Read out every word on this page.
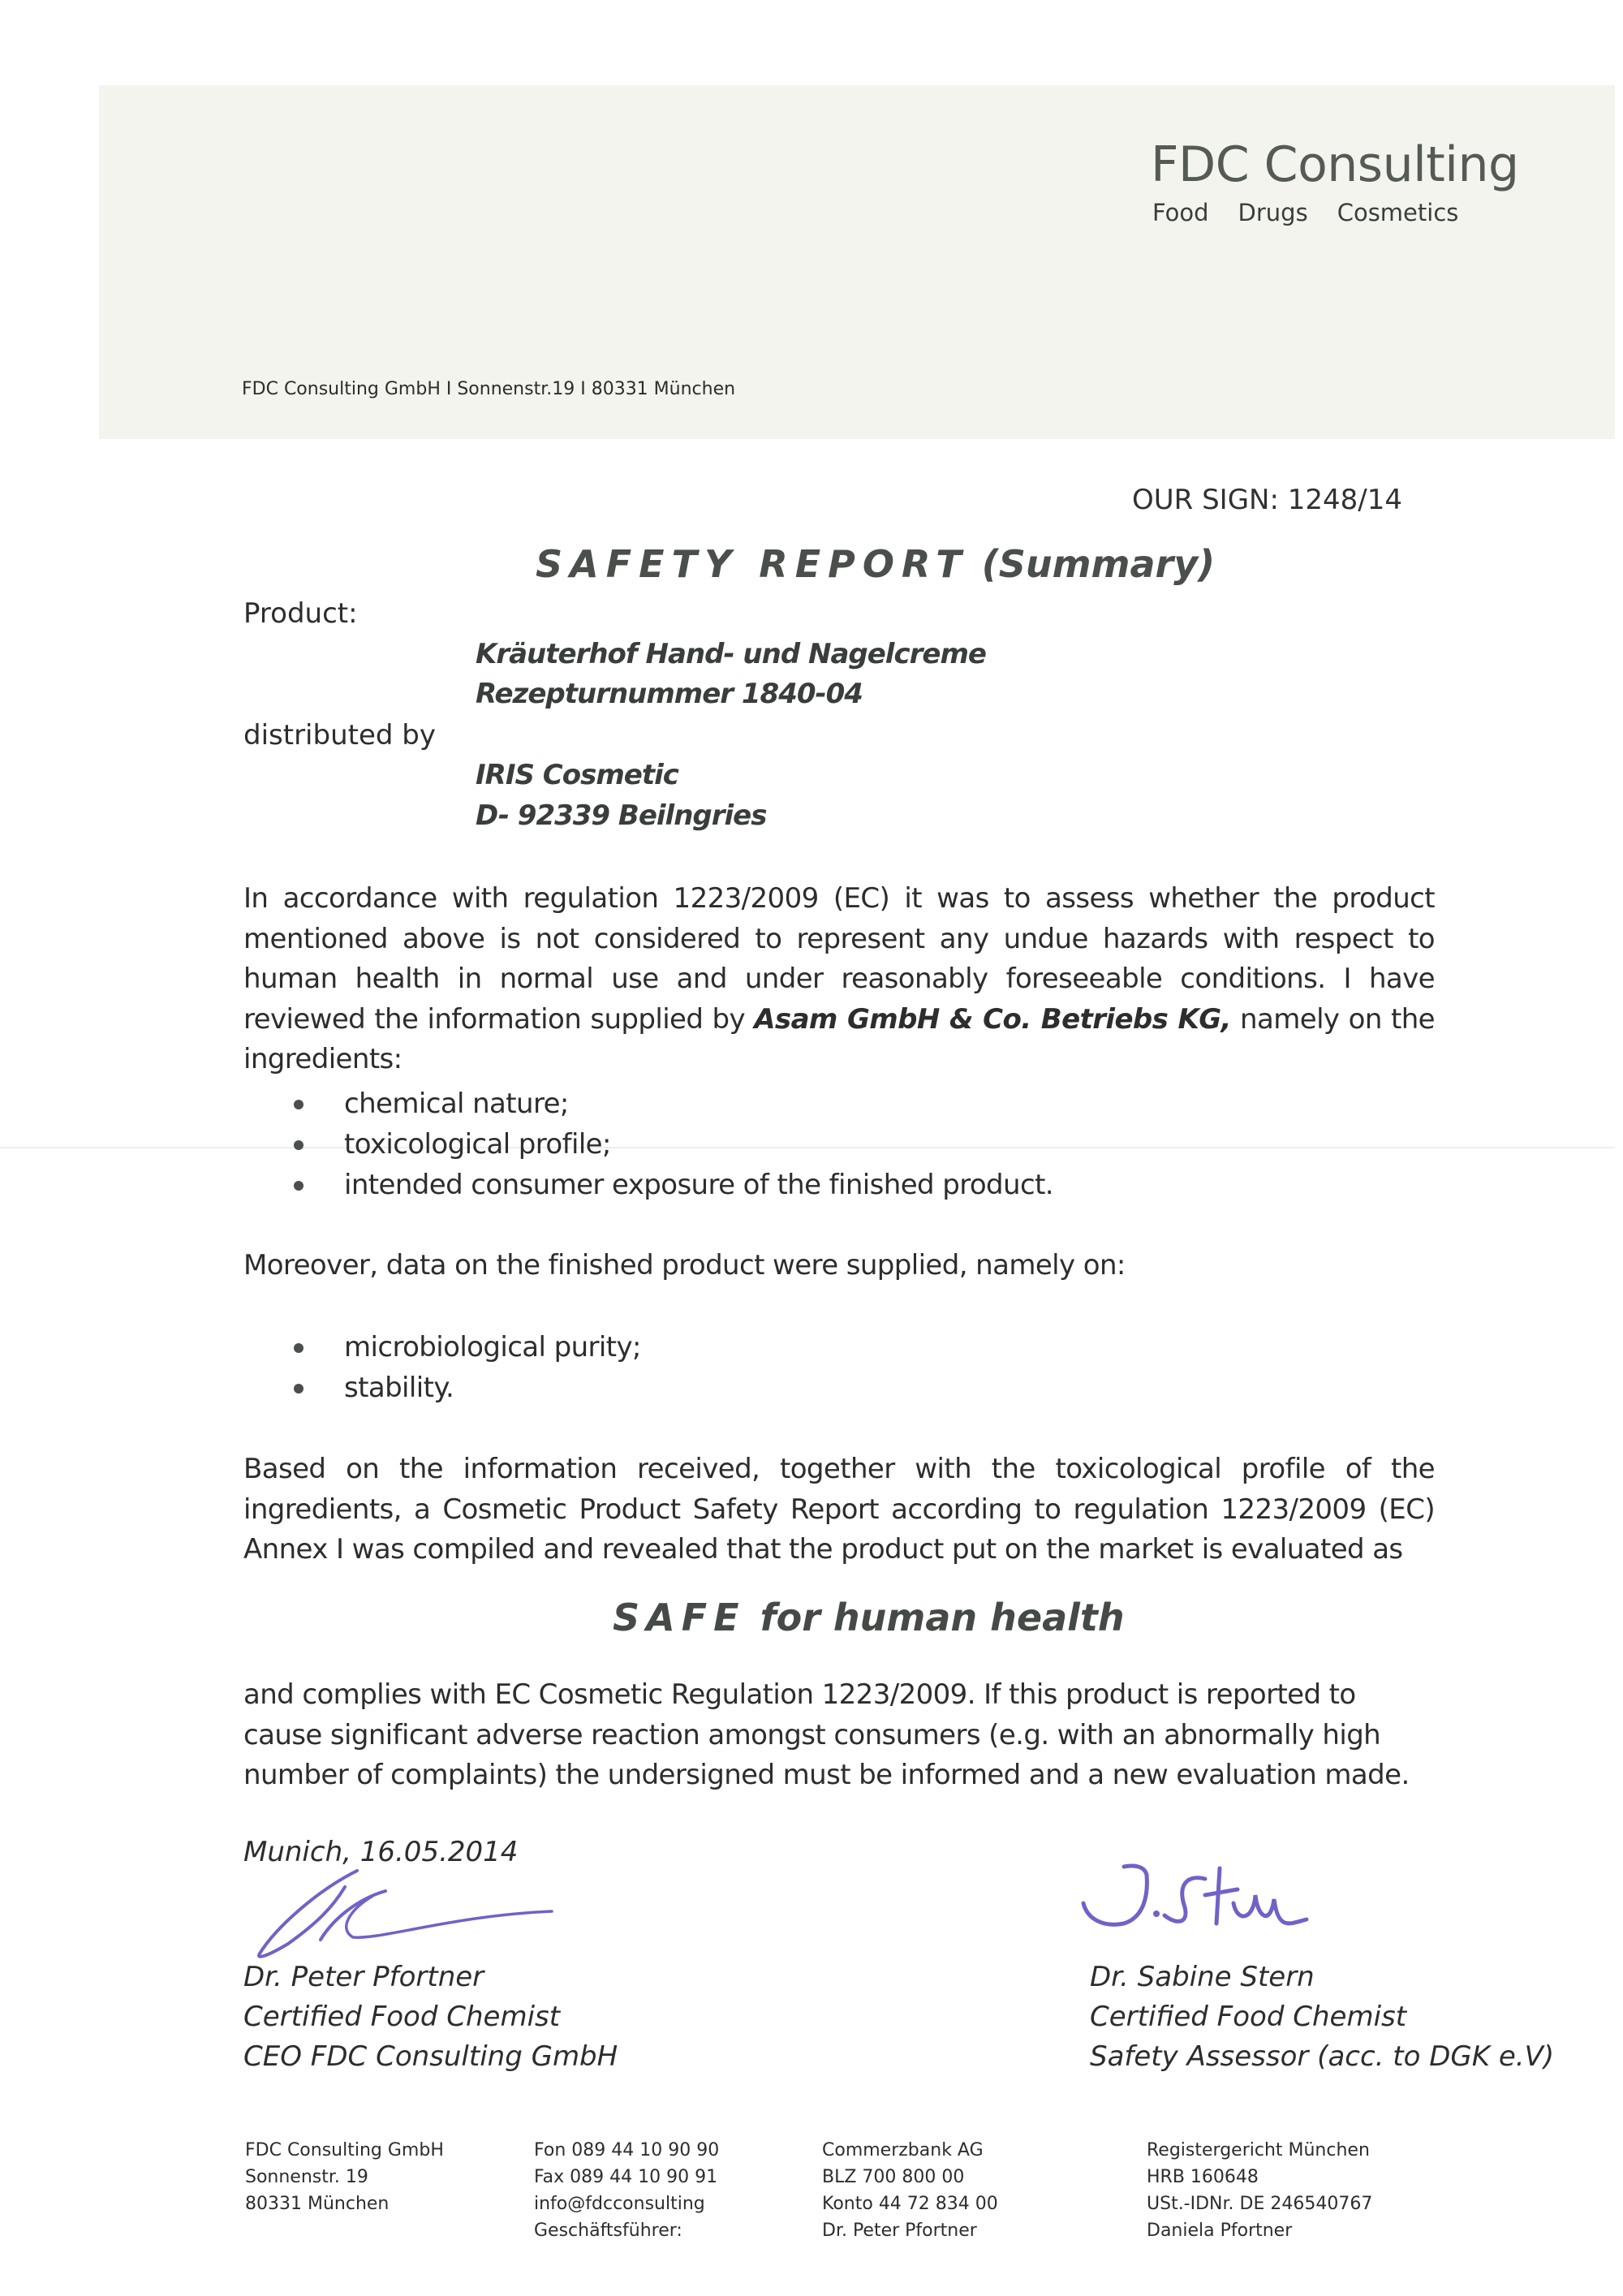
FDC Consulting
Food Drugs Cosmetics
FDC Consulting GmbH I Sonnenstr.19 I 80331 München
OUR SIGN: 1248/14
SAFETY REPORT (Summary)
Product:
Kräuterhof Hand- und Nagelcreme
Rezepturnummer 1840-04
distributed by
IRIS Cosmetic
D- 92339 Beilngries
In accordance with regulation 1223/2009 (EC) it was to assess whether the product mentioned above is not considered to represent any undue hazards with respect to human health in normal use and under reasonably foreseeable conditions. I have reviewed the information supplied by Asam GmbH & Co. Betriebs KG, namely on the ingredients:
chemical nature;
toxicological profile;
intended consumer exposure of the finished product.
Moreover, data on the finished product were supplied, namely on:
microbiological purity;
stability.
Based on the information received, together with the toxicological profile of the ingredients, a Cosmetic Product Safety Report according to regulation 1223/2009 (EC) Annex I was compiled and revealed that the product put on the market is evaluated as
SAFE for human health
and complies with EC Cosmetic Regulation 1223/2009. If this product is reported to cause significant adverse reaction amongst consumers (e.g. with an abnormally high number of complaints) the undersigned must be informed and a new evaluation made.
Munich, 16.05.2014
Dr. Peter Pfortner
Certified Food Chemist
CEO FDC Consulting GmbH
Dr. Sabine Stern
Certified Food Chemist
Safety Assessor (acc. to DGK e.V)
FDC Consulting GmbH
Sonnenstr. 19
80331 München
Fon 089 44 10 90 90
Fax 089 44 10 90 91
info@fdcconsulting
Geschäftsführer:
Commerzbank AG
BLZ 700 800 00
Konto 44 72 834 00
Dr. Peter Pfortner
Registergericht München
HRB 160648
USt.-IDNr. DE 246540767
Daniela Pfortner
